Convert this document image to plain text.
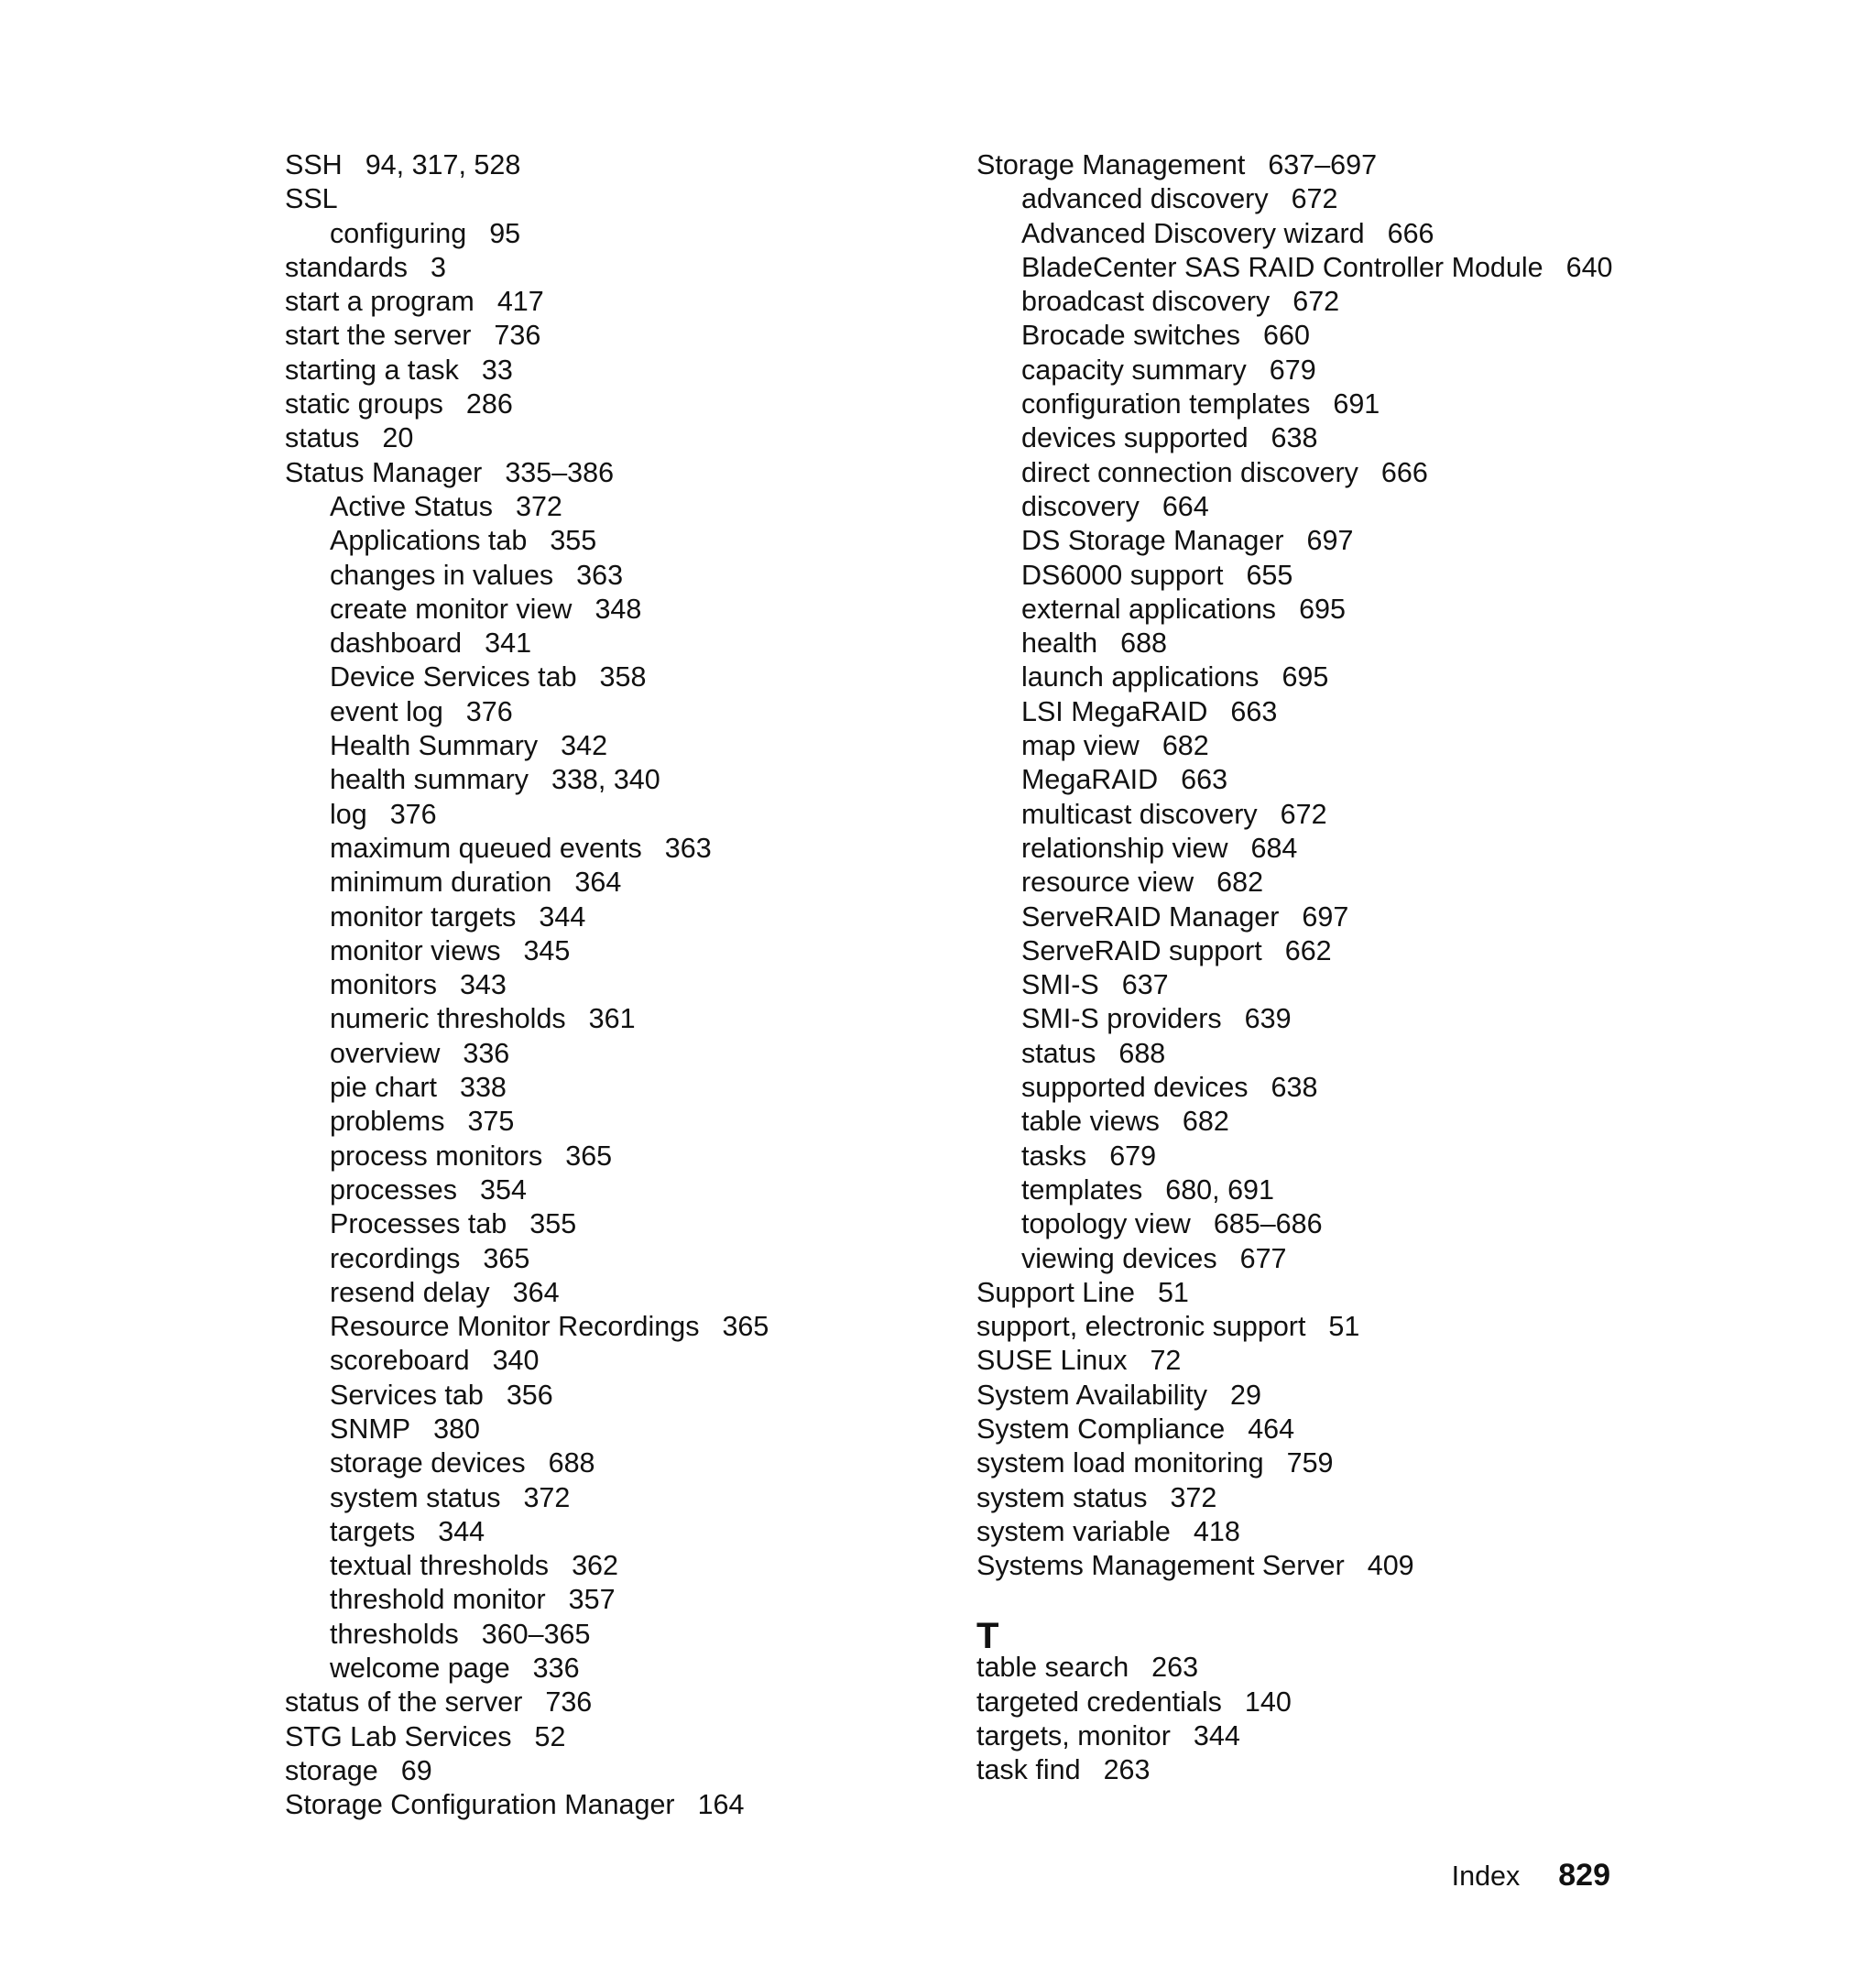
SSH 94, 317, 528
SSL
configuring 95
standards 3
start a program 417
start the server 736
starting a task 33
static groups 286
status 20
Status Manager 335–386
Active Status 372
Applications tab 355
changes in values 363
create monitor view 348
dashboard 341
Device Services tab 358
event log 376
Health Summary 342
health summary 338, 340
log 376
maximum queued events 363
minimum duration 364
monitor targets 344
monitor views 345
monitors 343
numeric thresholds 361
overview 336
pie chart 338
problems 375
process monitors 365
processes 354
Processes tab 355
recordings 365
resend delay 364
Resource Monitor Recordings 365
scoreboard 340
Services tab 356
SNMP 380
storage devices 688
system status 372
targets 344
textual thresholds 362
threshold monitor 357
thresholds 360–365
welcome page 336
status of the server 736
STG Lab Services 52
storage 69
Storage Configuration Manager 164
Storage Management 637–697
advanced discovery 672
Advanced Discovery wizard 666
BladeCenter SAS RAID Controller Module 640
broadcast discovery 672
Brocade switches 660
capacity summary 679
configuration templates 691
devices supported 638
direct connection discovery 666
discovery 664
DS Storage Manager 697
DS6000 support 655
external applications 695
health 688
launch applications 695
LSI MegaRAID 663
map view 682
MegaRAID 663
multicast discovery 672
relationship view 684
resource view 682
ServeRAID Manager 697
ServeRAID support 662
SMI-S 637
SMI-S providers 639
status 688
supported devices 638
table views 682
tasks 679
templates 680, 691
topology view 685–686
viewing devices 677
Support Line 51
support, electronic support 51
SUSE Linux 72
System Availability 29
System Compliance 464
system load monitoring 759
system status 372
system variable 418
Systems Management Server 409
T
table search 263
targeted credentials 140
targets, monitor 344
task find 263
Index 829
